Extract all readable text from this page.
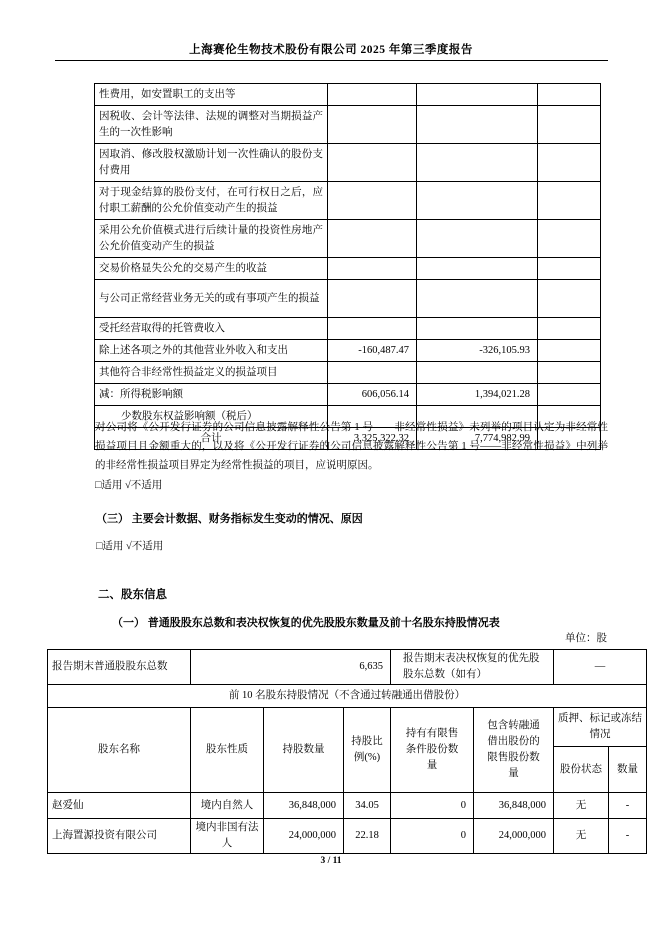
上海赛伦生物技术股份有限公司 2025 年第三季度报告
性费用，如安置职工的支出等			
因税收、会计等法律、法规的调整对当期损益产生的一次性影响			
因取消、修改股权激励计划一次性确认的股份支付费用			
对于现金结算的股份支付，在可行权日之后，应付职工薪酬的公允价值变动产生的损益			
采用公允价值模式进行后续计量的投资性房地产公允价值变动产生的损益			
交易价格显失公允的交易产生的收益			
与公司正常经营业务无关的或有事项产生的损益			
受托经营取得的托管费收入			
除上述各项之外的其他营业外收入和支出	-160,487.47	-326,105.93	
其他符合非经常性损益定义的损益项目			
减：所得税影响额	606,056.14	1,394,021.28	
少数股东权益影响额（税后）			
合计	3,325,322.32	7,774,982.99	
对公司将《公开发行证券的公司信息披露解释性公告第 1 号——非经常性损益》未列举的项目认定为非经常性损益项目且金额重大的，以及将《公开发行证券的公司信息披露解释性公告第 1 号——非经常性损益》中列举的非经常性损益项目界定为经常性损益的项目，应说明原因。
□适用 √不适用
（三） 主要会计数据、财务指标发生变动的情况、原因
□适用 √不适用
二、股东信息
（一） 普通股股东总数和表决权恢复的优先股股东数量及前十名股东持股情况表
单位：股
报告期末普通股股东总数	6,635			报告期末表决权恢复的优先股股东总数（如有）		—	
前 10 名股东持股情况（不含通过转融通出借股份）							
股东名称	股东性质	持股数量	持股比例(%)	持有有限售条件股份数量	包含转融通借出股份的限售股份数量	质押、标记或冻结情况	
						股份状态	数量
赵爱仙	境内自然人	36,848,000	34.05	0	36,848,000	无	-
上海置源投资有限公司	境内非国有法人	24,000,000	22.18	0	24,000,000	无	-
3 / 11
